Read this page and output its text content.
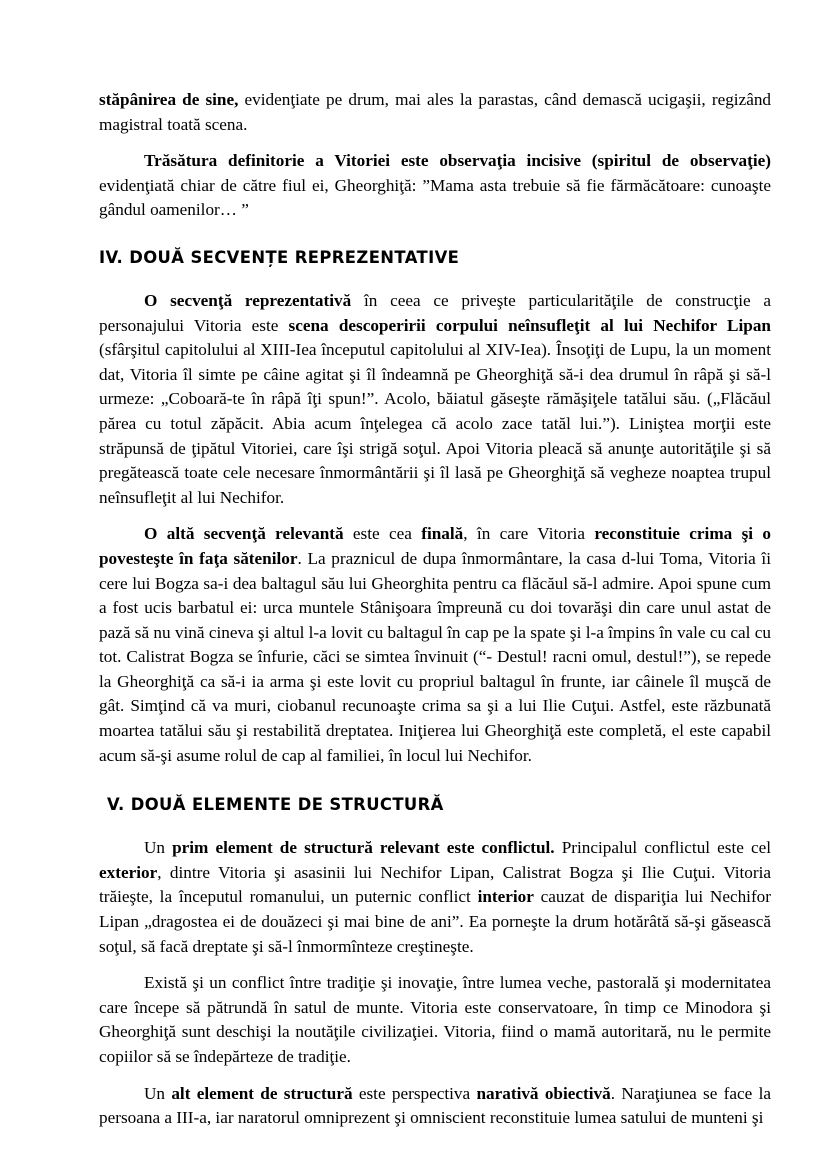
stăpânirea de sine, evidenţiate pe drum, mai ales la parastas, când demască ucigaşii, regizând magistral toată scena.

Trăsătura definitorie a Vitoriei este observaţia incisive (spiritul de observaţie) evidenţiată chiar de către fiul ei, Gheorghiţă: ”Mama asta trebuie să fie fărmăcătoare: cunoaşte gândul oamenilor… ”

IV. DOUĂ SECVENȚE REPREZENTATIVE

O secvenţă reprezentativă în ceea ce priveşte particularităţile de construcţie a personajului Vitoria este scena descoperirii corpului neînsufleţit al lui Nechifor Lipan (sfârşitul capitolului al XIII-Iea începutul capitolului al XIV-Iea). Însoţiţi de Lupu, la un moment dat, Vitoria îl simte pe câine agitat şi îl îndeamnă pe Gheorghiţă să-i dea drumul în râpă şi să-l urmeze: „Coboară-te în râpă îţi spun!”. Acolo, băiatul găseşte rămăşiţele tatălui său. („Flăcăul părea cu totul zăpăcit. Abia acum înţelegea că acolo zace tatăl lui.”). Liniştea morţii este străpunsă de ţipătul Vitoriei, care îşi strigă soţul. Apoi Vitoria pleacă să anunţe autorităţile şi să pregătească toate cele necesare înmormântării şi îl lasă pe Gheorghiţă să vegheze noaptea trupul neînsufleţit al lui Nechifor.

O altă secvenţă relevantă este cea finală, în care Vitoria reconstituie crima şi o povesteşte în faţa sătenilor. La praznicul de dupa înmormântare, la casa d-lui Toma, Vitoria îi cere lui Bogza sa-i dea baltagul său lui Gheorghita pentru ca flăcăul să-l admire. Apoi spune cum a fost ucis barbatul ei: urca muntele Stânişoara împreună cu doi tovarăşi din care unul astat de pază să nu vină cineva şi altul l-a lovit cu baltagul în cap pe la spate şi l-a împins în vale cu cal cu tot. Calistrat Bogza se înfurie, căci se simtea învinuit (“- Destul! racni omul, destul!”), se repede la Gheorghiţă ca să-i ia arma şi este lovit cu propriul baltagul în frunte, iar câinele îl muşcă de gât. Simţind că va muri, ciobanul recunoaşte crima sa şi a lui Ilie Cuţui. Astfel, este răzbunată moartea tatălui său şi restabilită dreptatea. Iniţierea lui Gheorghiţă este completă, el este capabil acum să-şi asume rolul de cap al familiei, în locul lui Nechifor.

V. DOUĂ ELEMENTE DE STRUCTURĂ

Un prim element de structură relevant este conflictul. Principalul conflictul este cel exterior, dintre Vitoria şi asasinii lui Nechifor Lipan, Calistrat Bogza şi Ilie Cuţui. Vitoria trăieşte, la începutul romanului, un puternic conflict interior cauzat de dispariţia lui Nechifor Lipan „dragostea ei de douăzeci şi mai bine de ani”. Ea porneşte la drum hotărâtă să-şi găsească soţul, să facă dreptate şi să-l înmormînteze creştineşte.

Există şi un conflict între tradiţie şi inovaţie, între lumea veche, pastorală şi modernitatea care începe să pătrundă în satul de munte. Vitoria este conservatoare, în timp ce Minodora şi Gheorghiţă sunt deschişi la noutăţile civilizaţiei. Vitoria, fiind o mamă autoritară, nu le permite copiilor să se îndepărteze de tradiţie.

Un alt element de structură este perspectiva narativă obiectivă. Naraţiunea se face la persoana a III-a, iar naratorul omniprezent şi omniscient reconstituie lumea satului de munteni şi
